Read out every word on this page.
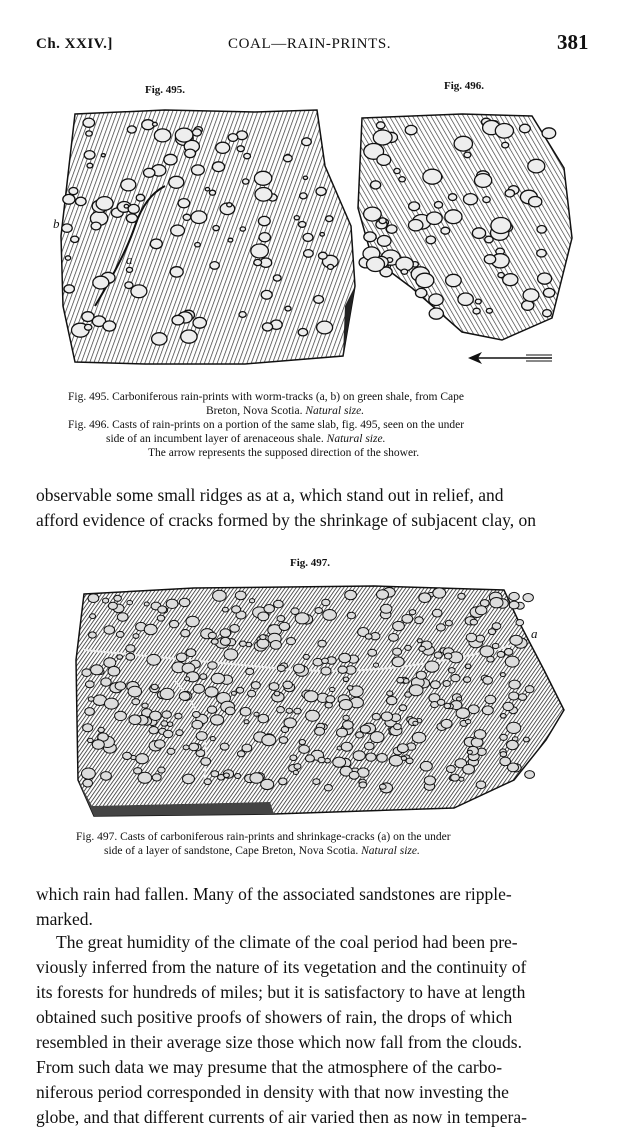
Ch. XXIV.]	COAL—RAIN-PRINTS.	381
Fig. 495.	Fig. 496.
a
b
Fig. 495. Carboniferous rain-prints with worm-tracks (a, b) on green shale, from Cape
Breton, Nova Scotia. Natural size.
Fig. 496. Casts of rain-prints on a portion of the same slab, fig. 495, seen on the under
side of an incumbent layer of arenaceous shale. Natural size.
The arrow represents the supposed direction of the shower.
observable some small ridges as at a, which stand out in relief, and
afford evidence of cracks formed by the shrinkage of subjacent clay, on
Fig. 497.
a
Fig. 497. Casts of carboniferous rain-prints and shrinkage-cracks (a) on the under
side of a layer of sandstone, Cape Breton, Nova Scotia. Natural size.
which rain had fallen. Many of the associated sandstones are ripple-
marked.
The great humidity of the climate of the coal period had been pre-
viously inferred from the nature of its vegetation and the continuity of
its forests for hundreds of miles; but it is satisfactory to have at length
obtained such positive proofs of showers of rain, the drops of which
resembled in their average size those which now fall from the clouds.
From such data we may presume that the atmosphere of the carbo-
niferous period corresponded in density with that now investing the
globe, and that different currents of air varied then as now in tempera-
